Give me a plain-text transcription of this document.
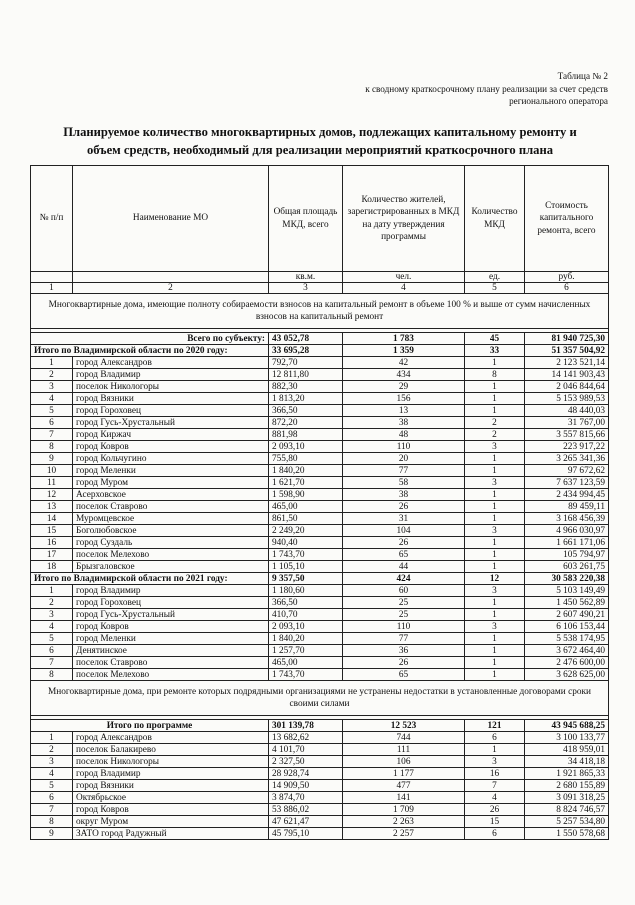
Таблица № 2
к сводному краткосрочному плану реализации за счет средств
регионального оператора
Планируемое количество многоквартирных домов, подлежащих капитальному ремонту и
объем средств, необходимый для реализации мероприятий краткосрочного плана
№ п/п	Наименование МО	Общая площадь МКД, всего	Количество жителей, зарегистрированных в МКД на дату утверждения программы	Количество МКД	Стоимость капитального ремонта, всего
		кв.м.	чел.	ед.	руб.
1	2	3	4	5	6
Многоквартирные дома, имеющие полноту собираемости взносов на капитальный ремонт в объеме 100 % и выше от сумм начисленных взносов на капитальный ремонт					

Всего по субъекту:		43 052,78	1 783	45	81 940 725,30
Итого по Владимирской области по 2020 году:		33 695,28	1 359	33	51 357 504,92
1	город Александров	792,70	42	1	2 123 521,14
2	город Владимир	12 811,80	434	8	14 141 903,43
3	поселок Никологоры	882,30	29	1	2 046 844,64
4	город Вязники	1 813,20	156	1	5 153 989,53
5	город Гороховец	366,50	13	1	48 440,03
6	город Гусь-Хрустальный	872,20	38	2	31 767,00
7	город Киржач	881,98	48	2	3 557 815,66
8	город Ковров	2 093,10	110	3	223 917,22
9	город Кольчугино	755,80	20	1	3 265 341,36
10	город Меленки	1 840,20	77	1	97 672,62
11	город Муром	1 621,70	58	3	7 637 123,59
12	Асерховское	1 598,90	38	1	2 434 994,45
13	поселок Ставрово	465,00	26	1	89 459,11
14	Муромцевское	861,50	31	1	3 168 456,39
15	Боголюбовское	2 249,20	104	3	4 966 030,97
16	город Суздаль	940,40	26	1	1 661 171,06
17	поселок Мелехово	1 743,70	65	1	105 794,97
18	Брызгаловское	1 105,10	44	1	603 261,75
Итого по Владимирской области по 2021 году:		9 357,50	424	12	30 583 220,38
1	город Владимир	1 180,60	60	3	5 103 149,49
2	город Гороховец	366,50	25	1	1 450 562,89
3	город Гусь-Хрустальный	410,70	25	1	2 607 490,21
4	город Ковров	2 093,10	110	3	6 106 153,44
5	город Меленки	1 840,20	77	1	5 538 174,95
6	Денятинское	1 257,70	36	1	3 672 464,40
7	поселок Ставрово	465,00	26	1	2 476 600,00
8	поселок Мелехово	1 743,70	65	1	3 628 625,00
Многоквартирные дома, при ремонте которых подрядными организациями не устранены недостатки в установленные договорами сроки своими силами					

Итого по программе		301 139,78	12 523	121	43 945 688,25
1	город Александров	13 682,62	744	6	3 100 133,77
2	поселок Балакирево	4 101,70	111	1	418 959,01
3	поселок Никологоры	2 327,50	106	3	34 418,18
4	город Владимир	28 928,74	1 177	16	1 921 865,33
5	город Вязники	14 909,50	477	7	2 680 155,89
6	Октябрьское	3 874,70	141	4	3 091 318,25
7	город Ковров	53 886,02	1 709	26	8 824 746,57
8	округ Муром	47 621,47	2 263	15	5 257 534,80
9	ЗАТО город Радужный	45 795,10	2 257	6	1 550 578,68
